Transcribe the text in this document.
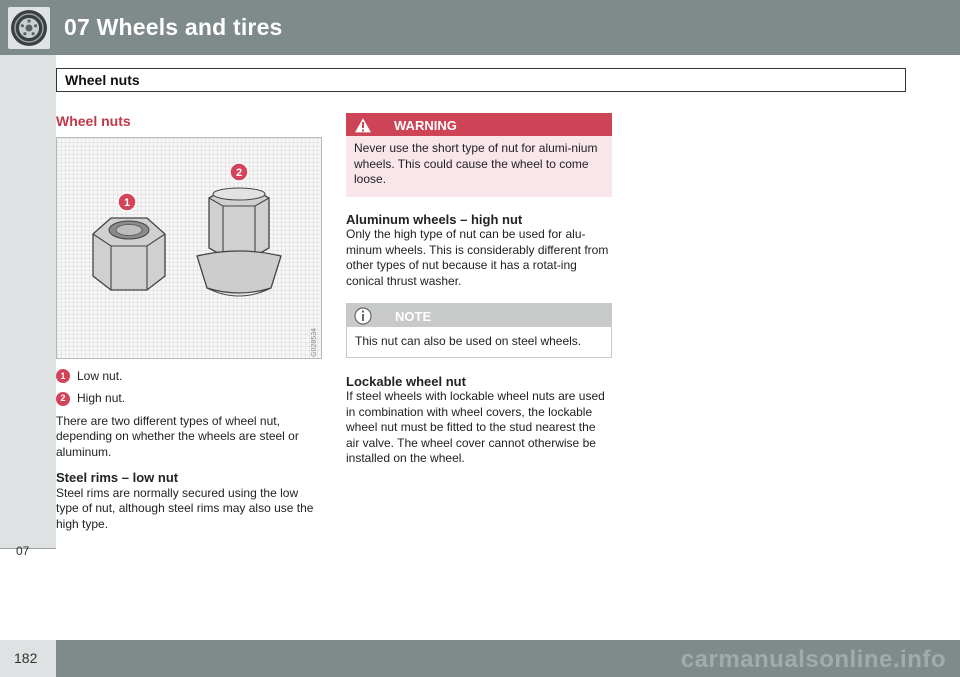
07 Wheels and tires
07
Wheel nuts
Wheel nuts
1
2
G028534
1 Low nut.
2 High nut.

There are two different types of wheel nut, depending on whether the wheels are steel or aluminum.

Steel rims – low nut

Steel rims are normally secured using the low type of nut, although steel rims may also use the high type.

WARNING
Never use the short type of nut for alumi-nium wheels. This could cause the wheel to come loose.
Aluminum wheels – high nut

Only the high type of nut can be used for alu-minum wheels. This is considerably different from other types of nut because it has a rotat-ing conical thrust washer.

NOTE
This nut can also be used on steel wheels.
Lockable wheel nut

If steel wheels with lockable wheel nuts are used in combination with wheel covers, the lockable wheel nut must be fitted to the stud nearest the air valve. The wheel cover cannot otherwise be installed on the wheel.

182	carmanualsonline.info
